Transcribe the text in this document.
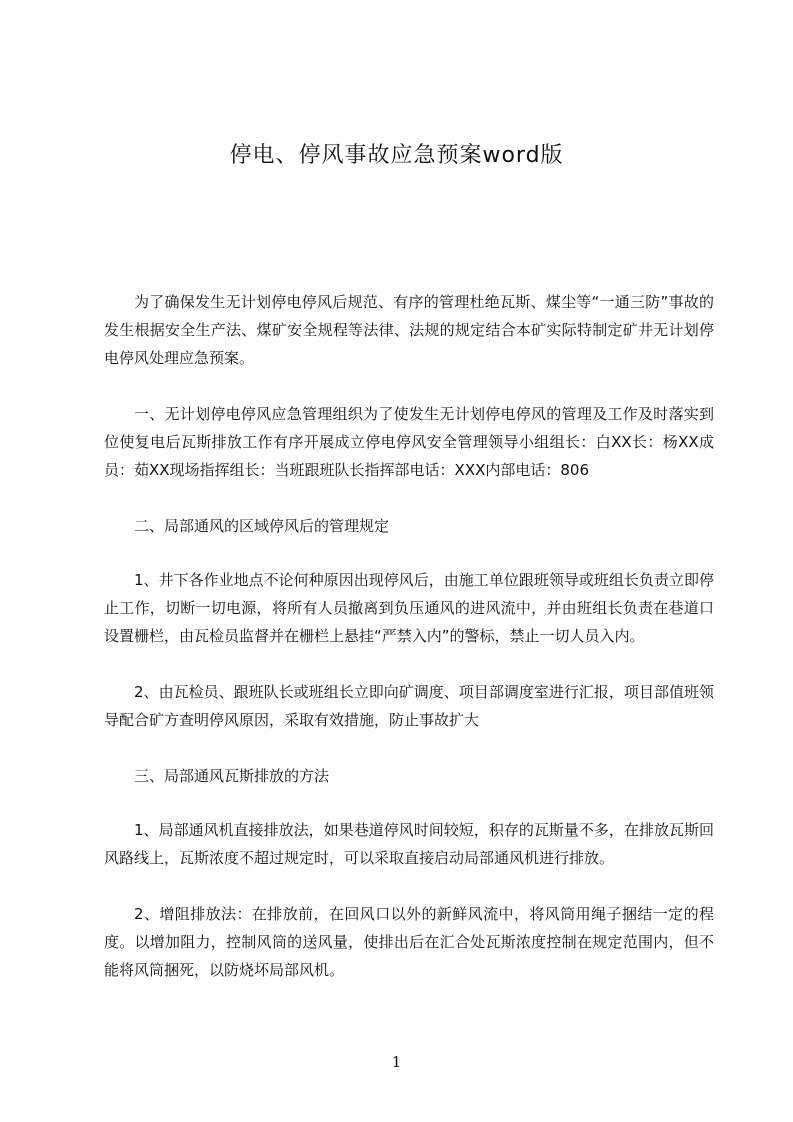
停电、停风事故应急预案word版

为了确保发生无计划停电停风后规范、有序的管理杜绝瓦斯、煤尘等“一通三防”事故的发生根据安全生产法、煤矿安全规程等法律、法规的规定结合本矿实际特制定矿井无计划停电停风处理应急预案。

一、无计划停电停风应急管理组织为了使发生无计划停电停风的管理及工作及时落实到位使复电后瓦斯排放工作有序开展成立停电停风安全管理领导小组组长：白XX长：杨XX成员：茹XX现场指挥组长：当班跟班队长指挥部电话：XXX内部电话：806

二、局部通风的区域停风后的管理规定

1、井下各作业地点不论何种原因出现停风后，由施工单位跟班领导或班组长负责立即停止工作，切断一切电源，将所有人员撤离到负压通风的进风流中，并由班组长负责在巷道口设置栅栏，由瓦检员监督并在栅栏上悬挂“严禁入内”的警标，禁止一切人员入内。

2、由瓦检员、跟班队长或班组长立即向矿调度、项目部调度室进行汇报，项目部值班领导配合矿方查明停风原因，采取有效措施，防止事故扩大

三、局部通风瓦斯排放的方法

1、局部通风机直接排放法，如果巷道停风时间较短，积存的瓦斯量不多，在排放瓦斯回风路线上，瓦斯浓度不超过规定时，可以采取直接启动局部通风机进行排放。

2、增阻排放法：在排放前，在回风口以外的新鲜风流中，将风筒用绳子捆结一定的程度。以增加阻力，控制风筒的送风量，使排出后在汇合处瓦斯浓度控制在规定范围内，但不能将风筒捆死，以防烧坏局部风机。

1
